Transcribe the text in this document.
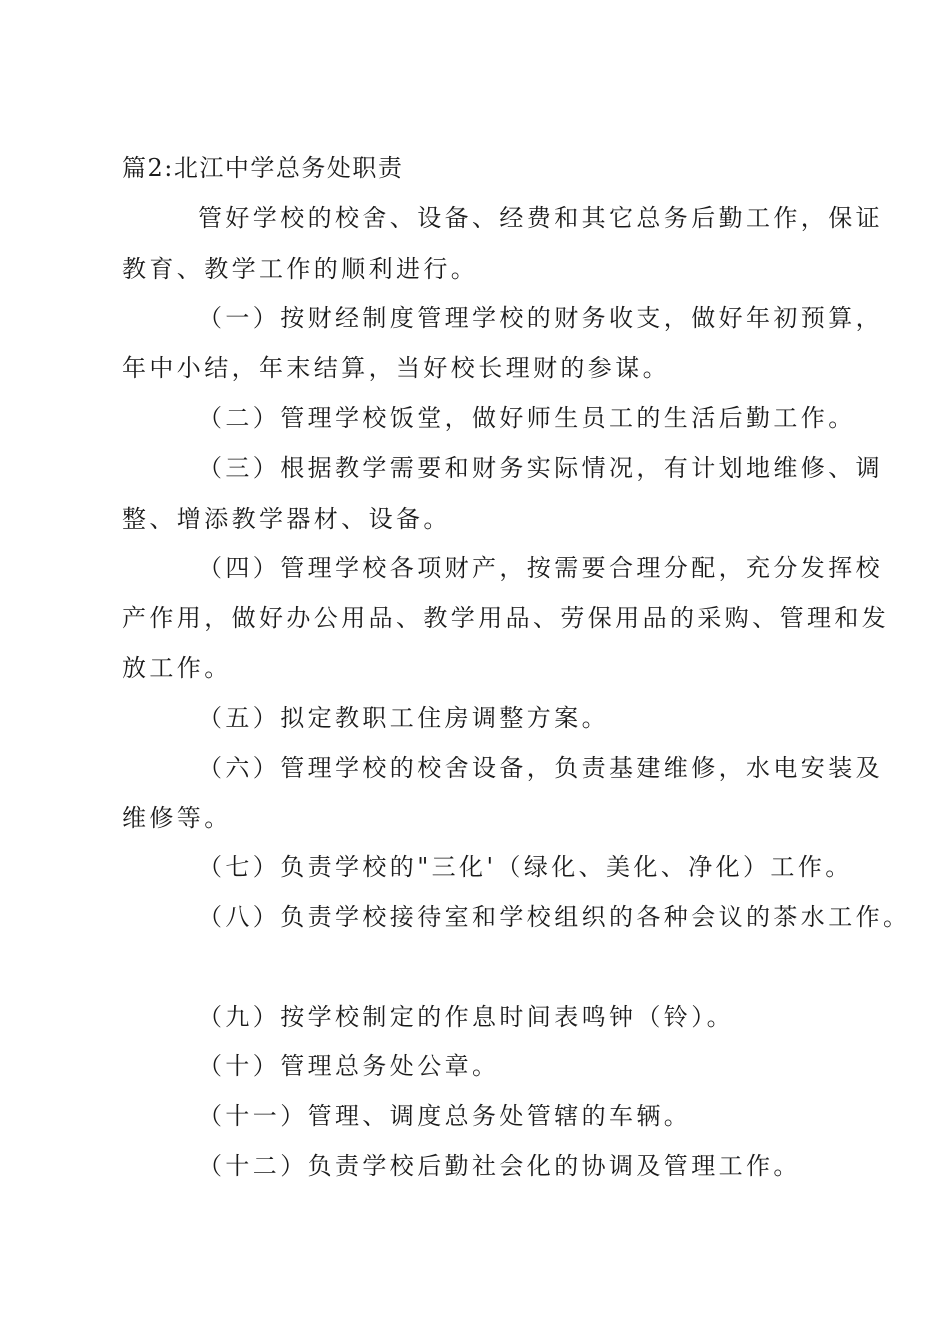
篇2:北江中学总务处职责
管好学校的校舍、设备、经费和其它总务后勤工作，保证
教育、教学工作的顺利进行。
（一）按财经制度管理学校的财务收支，做好年初预算，
年中小结，年末结算，当好校长理财的参谋。
（二）管理学校饭堂，做好师生员工的生活后勤工作。
（三）根据教学需要和财务实际情况，有计划地维修、调
整、增添教学器材、设备。
（四）管理学校各项财产，按需要合理分配，充分发挥校
产作用，做好办公用品、教学用品、劳保用品的采购、管理和发
放工作。
（五）拟定教职工住房调整方案。
（六）管理学校的校舍设备，负责基建维修，水电安装及
维修等。
（七）负责学校的"三化'（绿化、美化、净化）工作。
（八）负责学校接待室和学校组织的各种会议的茶水工作。
（九）按学校制定的作息时间表鸣钟（铃）。
（十）管理总务处公章。
（十一）管理、调度总务处管辖的车辆。
（十二）负责学校后勤社会化的协调及管理工作。
